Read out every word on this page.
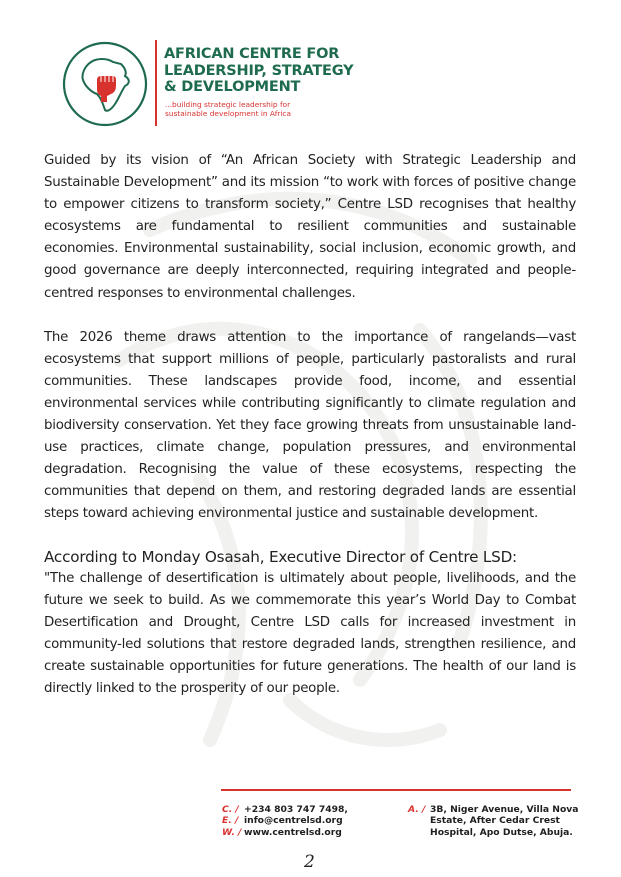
AFRICAN CENTRE FOR
LEADERSHIP, STRATEGY
& DEVELOPMENT
...building strategic leadership for
sustainable development in Africa

Guided by its vision of “An African Society with Strategic Leadership and Sustainable Development” and its mission “to work with forces of positive change to empower citizens to transform society,” Centre LSD recognises that healthy ecosystems are fundamental to resilient communities and sustainable economies. Environmental sustainability, social inclusion, economic growth, and good governance are deeply interconnected, requiring integrated and people-centred responses to environmental challenges.

The 2026 theme draws attention to the importance of rangelands—vast ecosystems that support millions of people, particularly pastoralists and rural communities. These landscapes provide food, income, and essential environmental services while contributing significantly to climate regulation and biodiversity conservation. Yet they face growing threats from unsustainable land-use practices, climate change, population pressures, and environmental degradation. Recognising the value of these ecosystems, respecting the communities that depend on them, and restoring degraded lands are essential steps toward achieving environmental justice and sustainable development.

According to Monday Osasah, Executive Director of Centre LSD:

"The challenge of desertification is ultimately about people, livelihoods, and the future we seek to build. As we commemorate this year’s World Day to Combat Desertification and Drought, Centre LSD calls for increased investment in community-led solutions that restore degraded lands, strengthen resilience, and create sustainable opportunities for future generations. The health of our land is directly linked to the prosperity of our people.

C. / +234 803 747 7498,
E. / info@centrelsd.org
W. / www.centrelsd.org
A. / 3B, Niger Avenue, Villa Nova
Estate, After Cedar Crest
Hospital, Apo Dutse, Abuja.
2
